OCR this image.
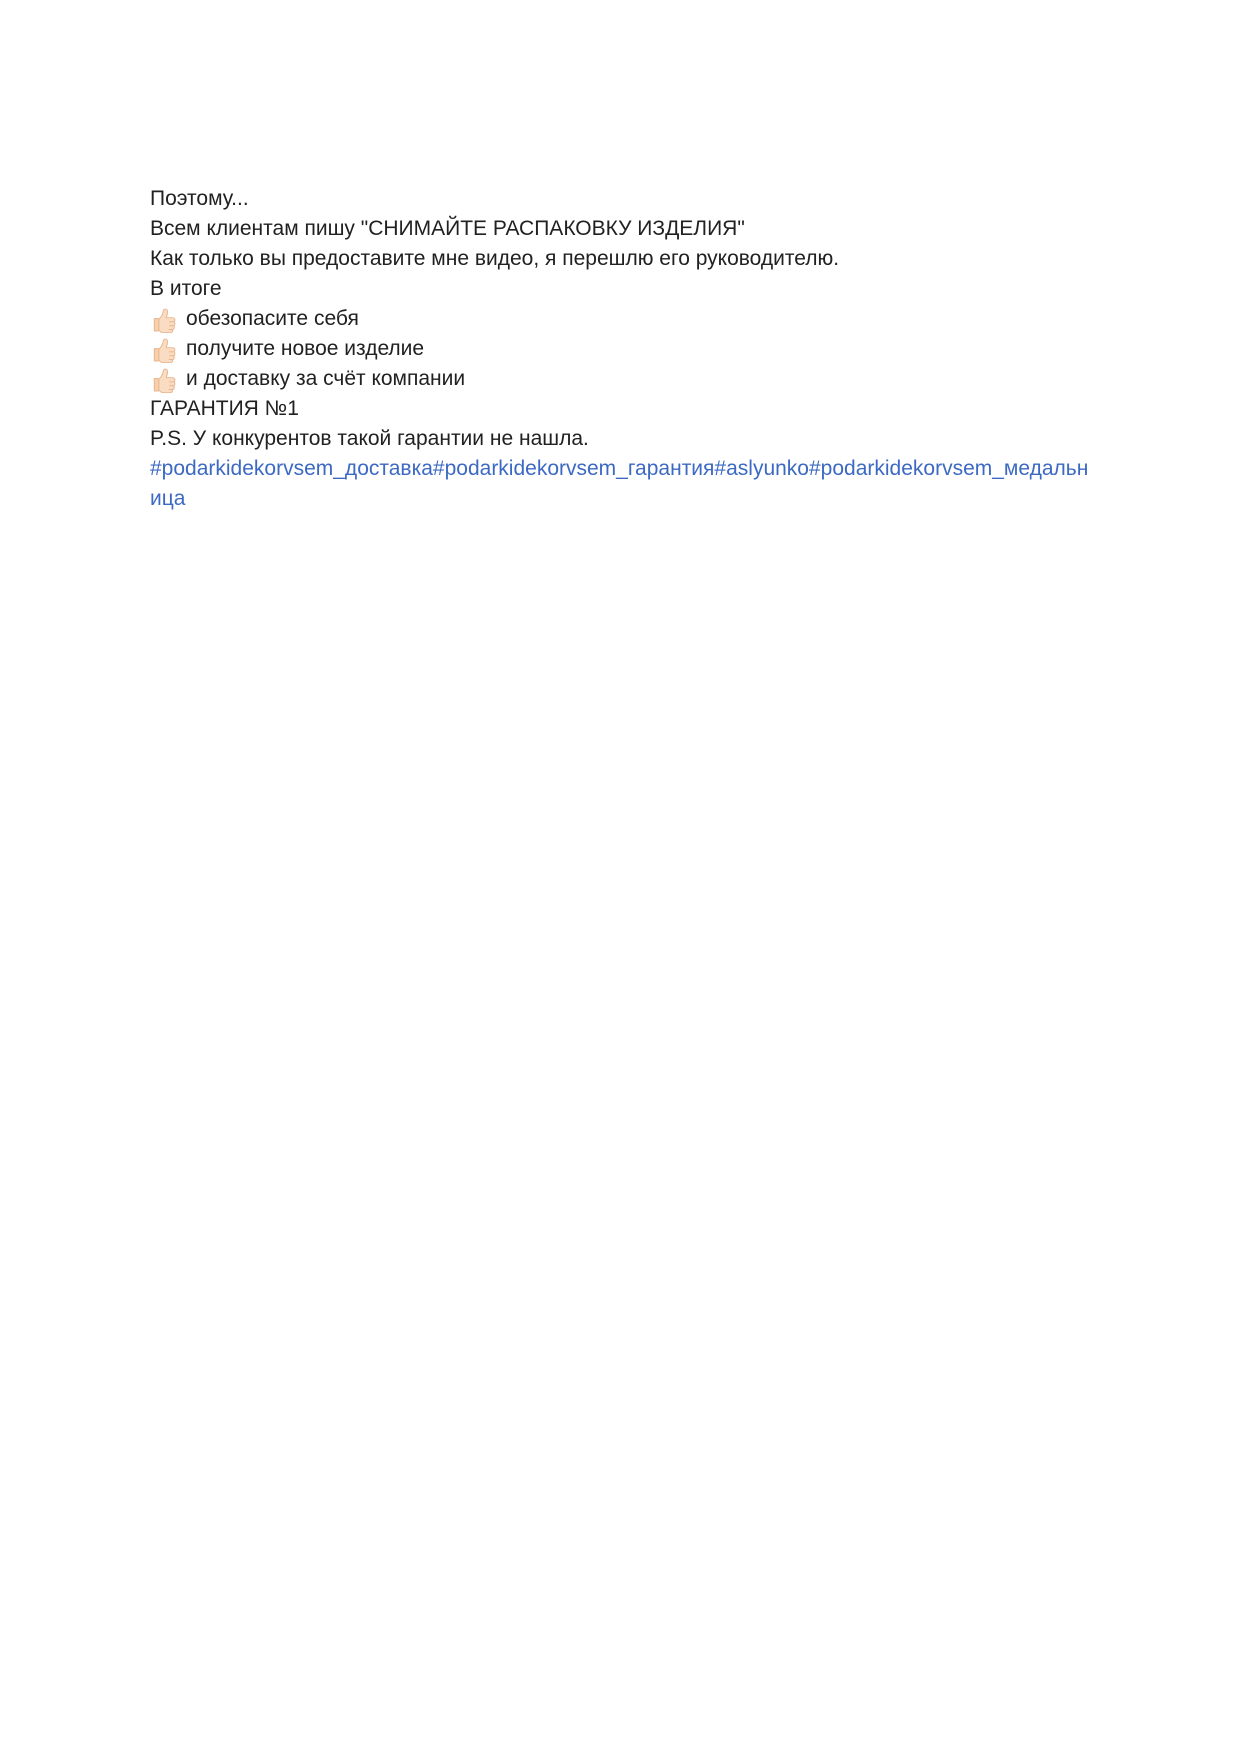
Поэтому...

Всем клиентам пишу "СНИМАЙТЕ РАСПАКОВКУ ИЗДЕЛИЯ"

Как только вы предоставите мне видео, я перешлю его руководителю.

В итоге

обезопасите себя

получите новое изделие

и доставку за счёт компании

ГАРАНТИЯ №1

P.S. У конкурентов такой гарантии не нашла.

#podarkidekorvsem_доставка#podarkidekorvsem_гарантия#aslyunko#podarkidekorvsem_медальница
